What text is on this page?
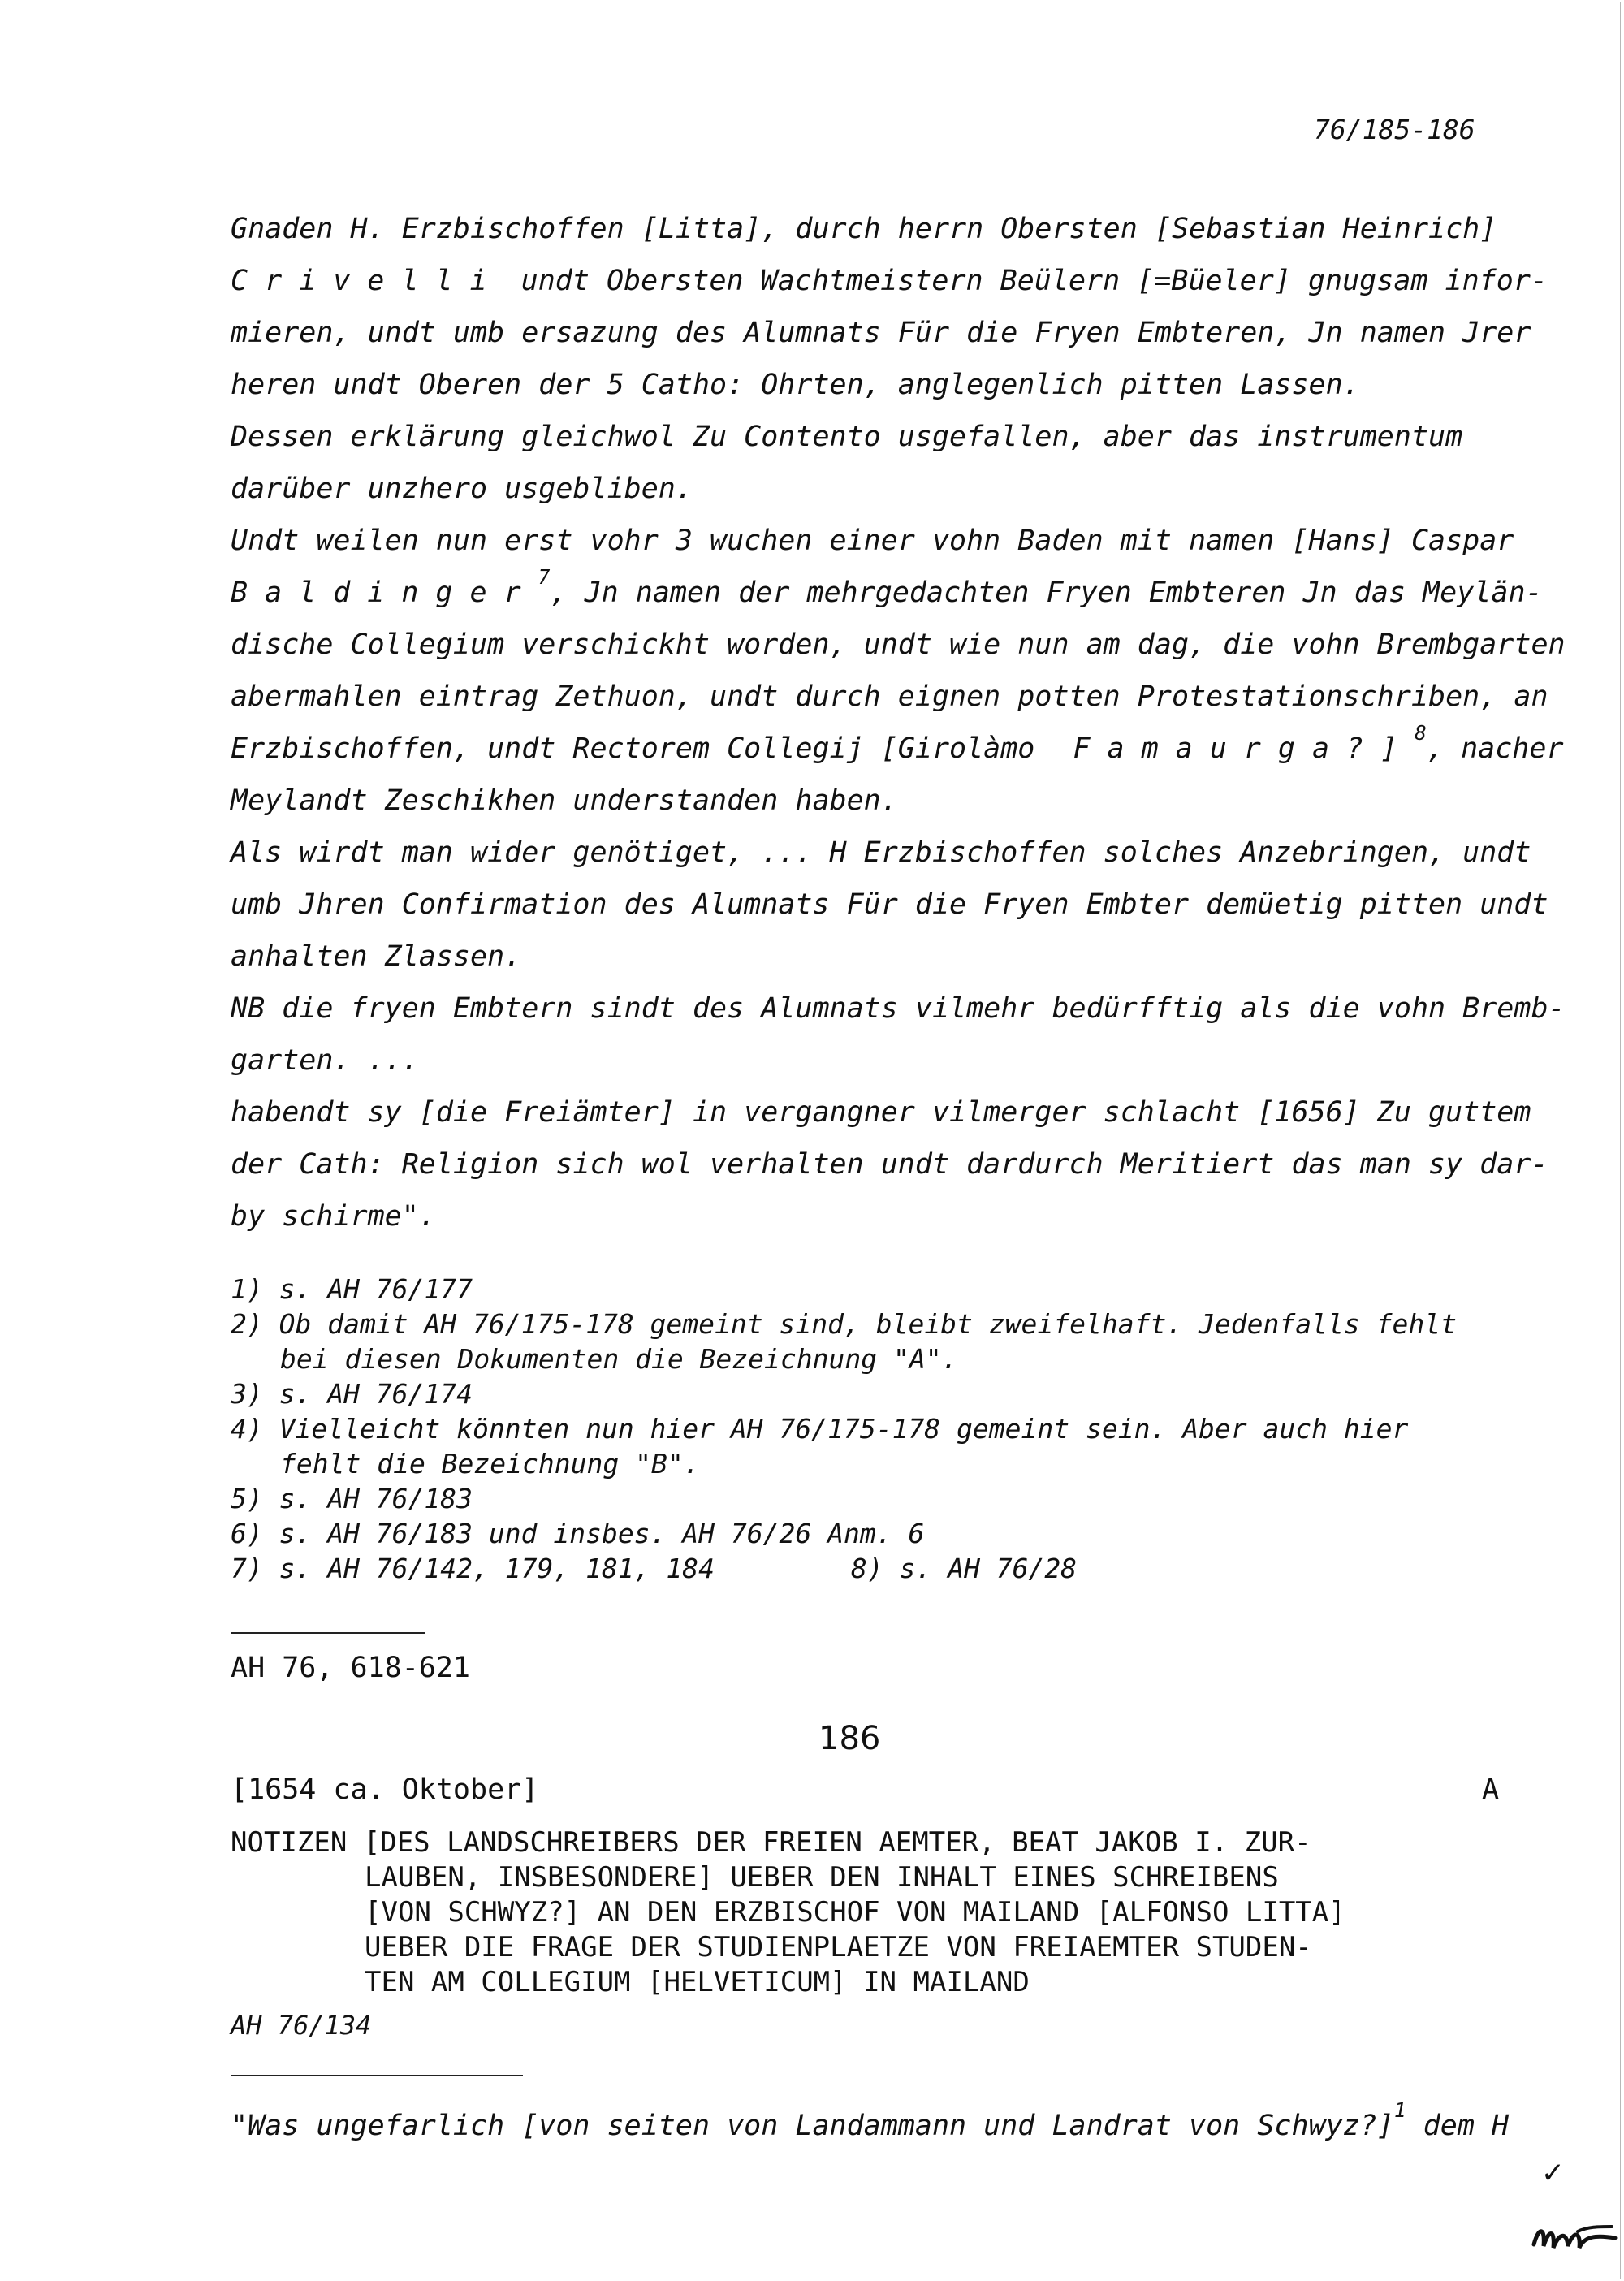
76/185-186
Gnaden H. Erzbischoffen [Litta], durch herrn Obersten [Sebastian Heinrich]
Crivelli undt Obersten Wachtmeistern Beülern [=Büeler] gnugsam infor-
mieren, undt umb ersazung des Alumnats Für die Fryen Embteren, Jn namen Jrer
heren undt Oberen der 5 Catho: Ohrten, anglegenlich pitten Lassen.
Dessen erklärung gleichwol Zu Contento usgefallen, aber das instrumentum
darüber unzhero usgebliben.
Undt weilen nun erst vohr 3 wuchen einer vohn Baden mit namen [Hans] Caspar
Baldinger$^7$, Jn namen der mehrgedachten Fryen Embteren Jn das Meylän-
dische Collegium verschickht worden, undt wie nun am dag, die vohn Brembgarten
abermahlen eintrag Zethuon, undt durch eignen potten Protestationschriben, an
Erzbischoffen, undt Rectorem Collegij [Girolàmo Famaurga?]$^8$, nacher
Meylandt Zeschikhen understanden haben.
Als wirdt man wider genötiget, ... H Erzbischoffen solches Anzebringen, undt
umb Jhren Confirmation des Alumnats Für die Fryen Embter demüetig pitten undt
anhalten Zlassen.
NB die fryen Embtern sindt des Alumnats vilmehr bedürfftig als die vohn Bremb-
garten. ...
habendt sy [die Freiämter] in vergangner vilmerger schlacht [1656] Zu guttem
der Cath: Religion sich wol verhalten undt dardurch Meritiert das man sy dar-
by schirme".
1) s. AH 76/177
2) Ob damit AH 76/175-178 gemeint sind, bleibt zweifelhaft. Jedenfalls fehlt
bei diesen Dokumenten die Bezeichnung "A".
3) s. AH 76/174
4) Vielleicht könnten nun hier AH 76/175-178 gemeint sein. Aber auch hier
fehlt die Bezeichnung "B".
5) s. AH 76/183
6) s. AH 76/183 und insbes. AH 76/26 Anm. 6
7) s. AH 76/142, 179, 181, 184	8) s. AH 76/28
AH 76, 618-621
186
[1654 ca. Oktober]	A
NOTIZEN [DES LANDSCHREIBERS DER FREIEN AEMTER, BEAT JAKOB I. ZUR-
LAUBEN, INSBESONDERE] UEBER DEN INHALT EINES SCHREIBENS
[VON SCHWYZ?] AN DEN ERZBISCHOF VON MAILAND [ALFONSO LITTA]
UEBER DIE FRAGE DER STUDIENPLAETZE VON FREIAEMTER STUDEN-
TEN AM COLLEGIUM [HELVETICUM] IN MAILAND
AH 76/134
"Was ungefarlich [von seiten von Landammann und Landrat von Schwyz?]$^1$ dem H
✓
